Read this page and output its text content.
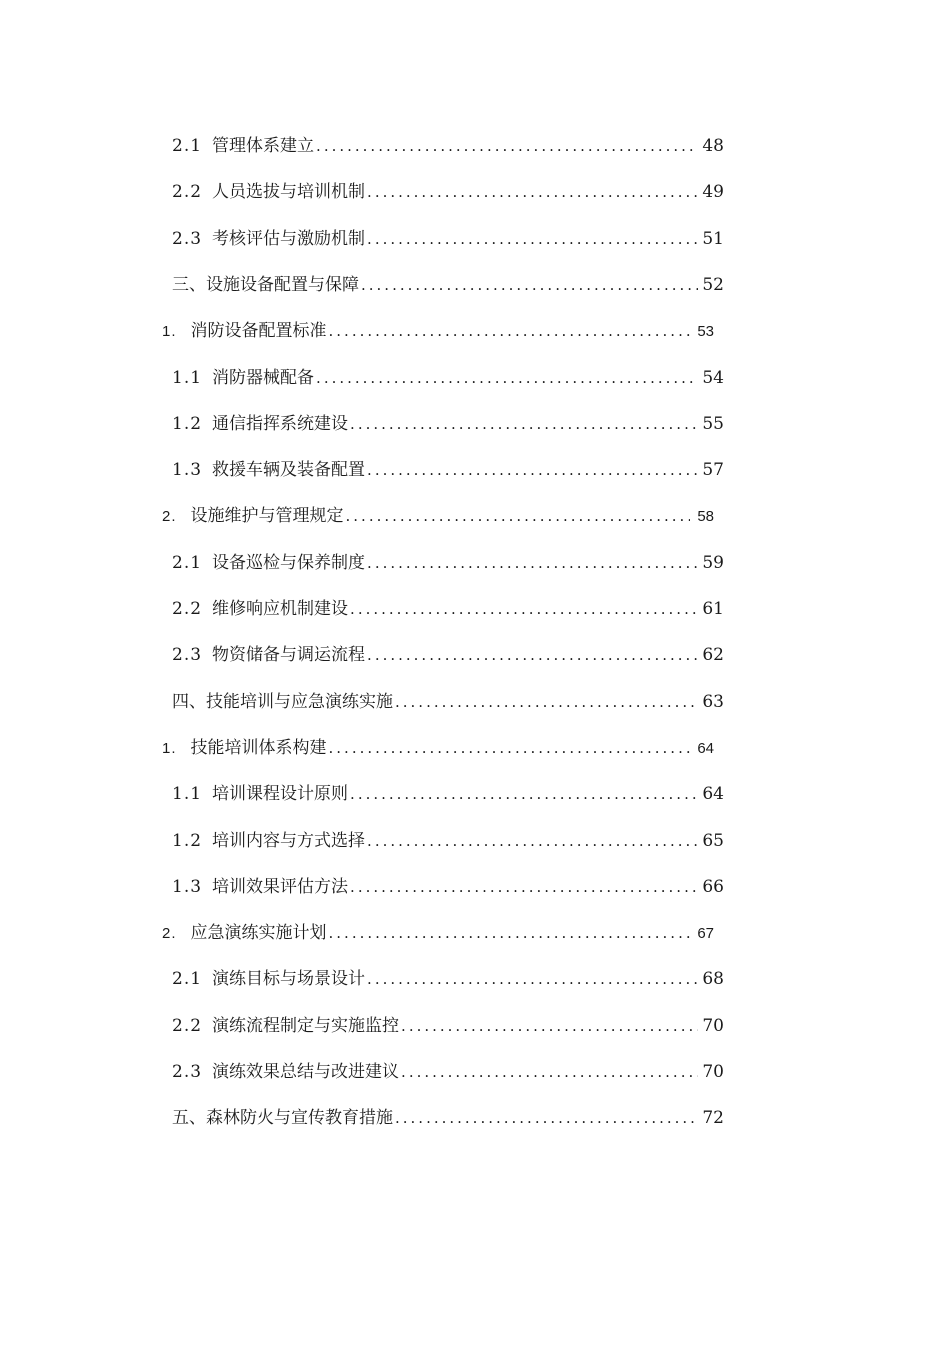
2.1 管理体系建立 .....	48
2.2 人员选拔与培训机制 .....	49
2.3 考核评估与激励机制 .....	51
三、设施设备配置与保障 .....	52
1. 消防设备配置标准 .....	53
1.1 消防器械配备 .....	54
1.2 通信指挥系统建设 .....	55
1.3 救援车辆及装备配置 .....	57
2. 设施维护与管理规定 .....	58
2.1 设备巡检与保养制度 .....	59
2.2 维修响应机制建设 .....	61
2.3 物资储备与调运流程 .....	62
四、技能培训与应急演练实施 .....	63
1. 技能培训体系构建 .....	64
1.1 培训课程设计原则 .....	64
1.2 培训内容与方式选择 .....	65
1.3 培训效果评估方法 .....	66
2. 应急演练实施计划 .....	67
2.1 演练目标与场景设计 .....	68
2.2 演练流程制定与实施监控 .....	70
2.3 演练效果总结与改进建议 .....	70
五、森林防火与宣传教育措施 .....	72
